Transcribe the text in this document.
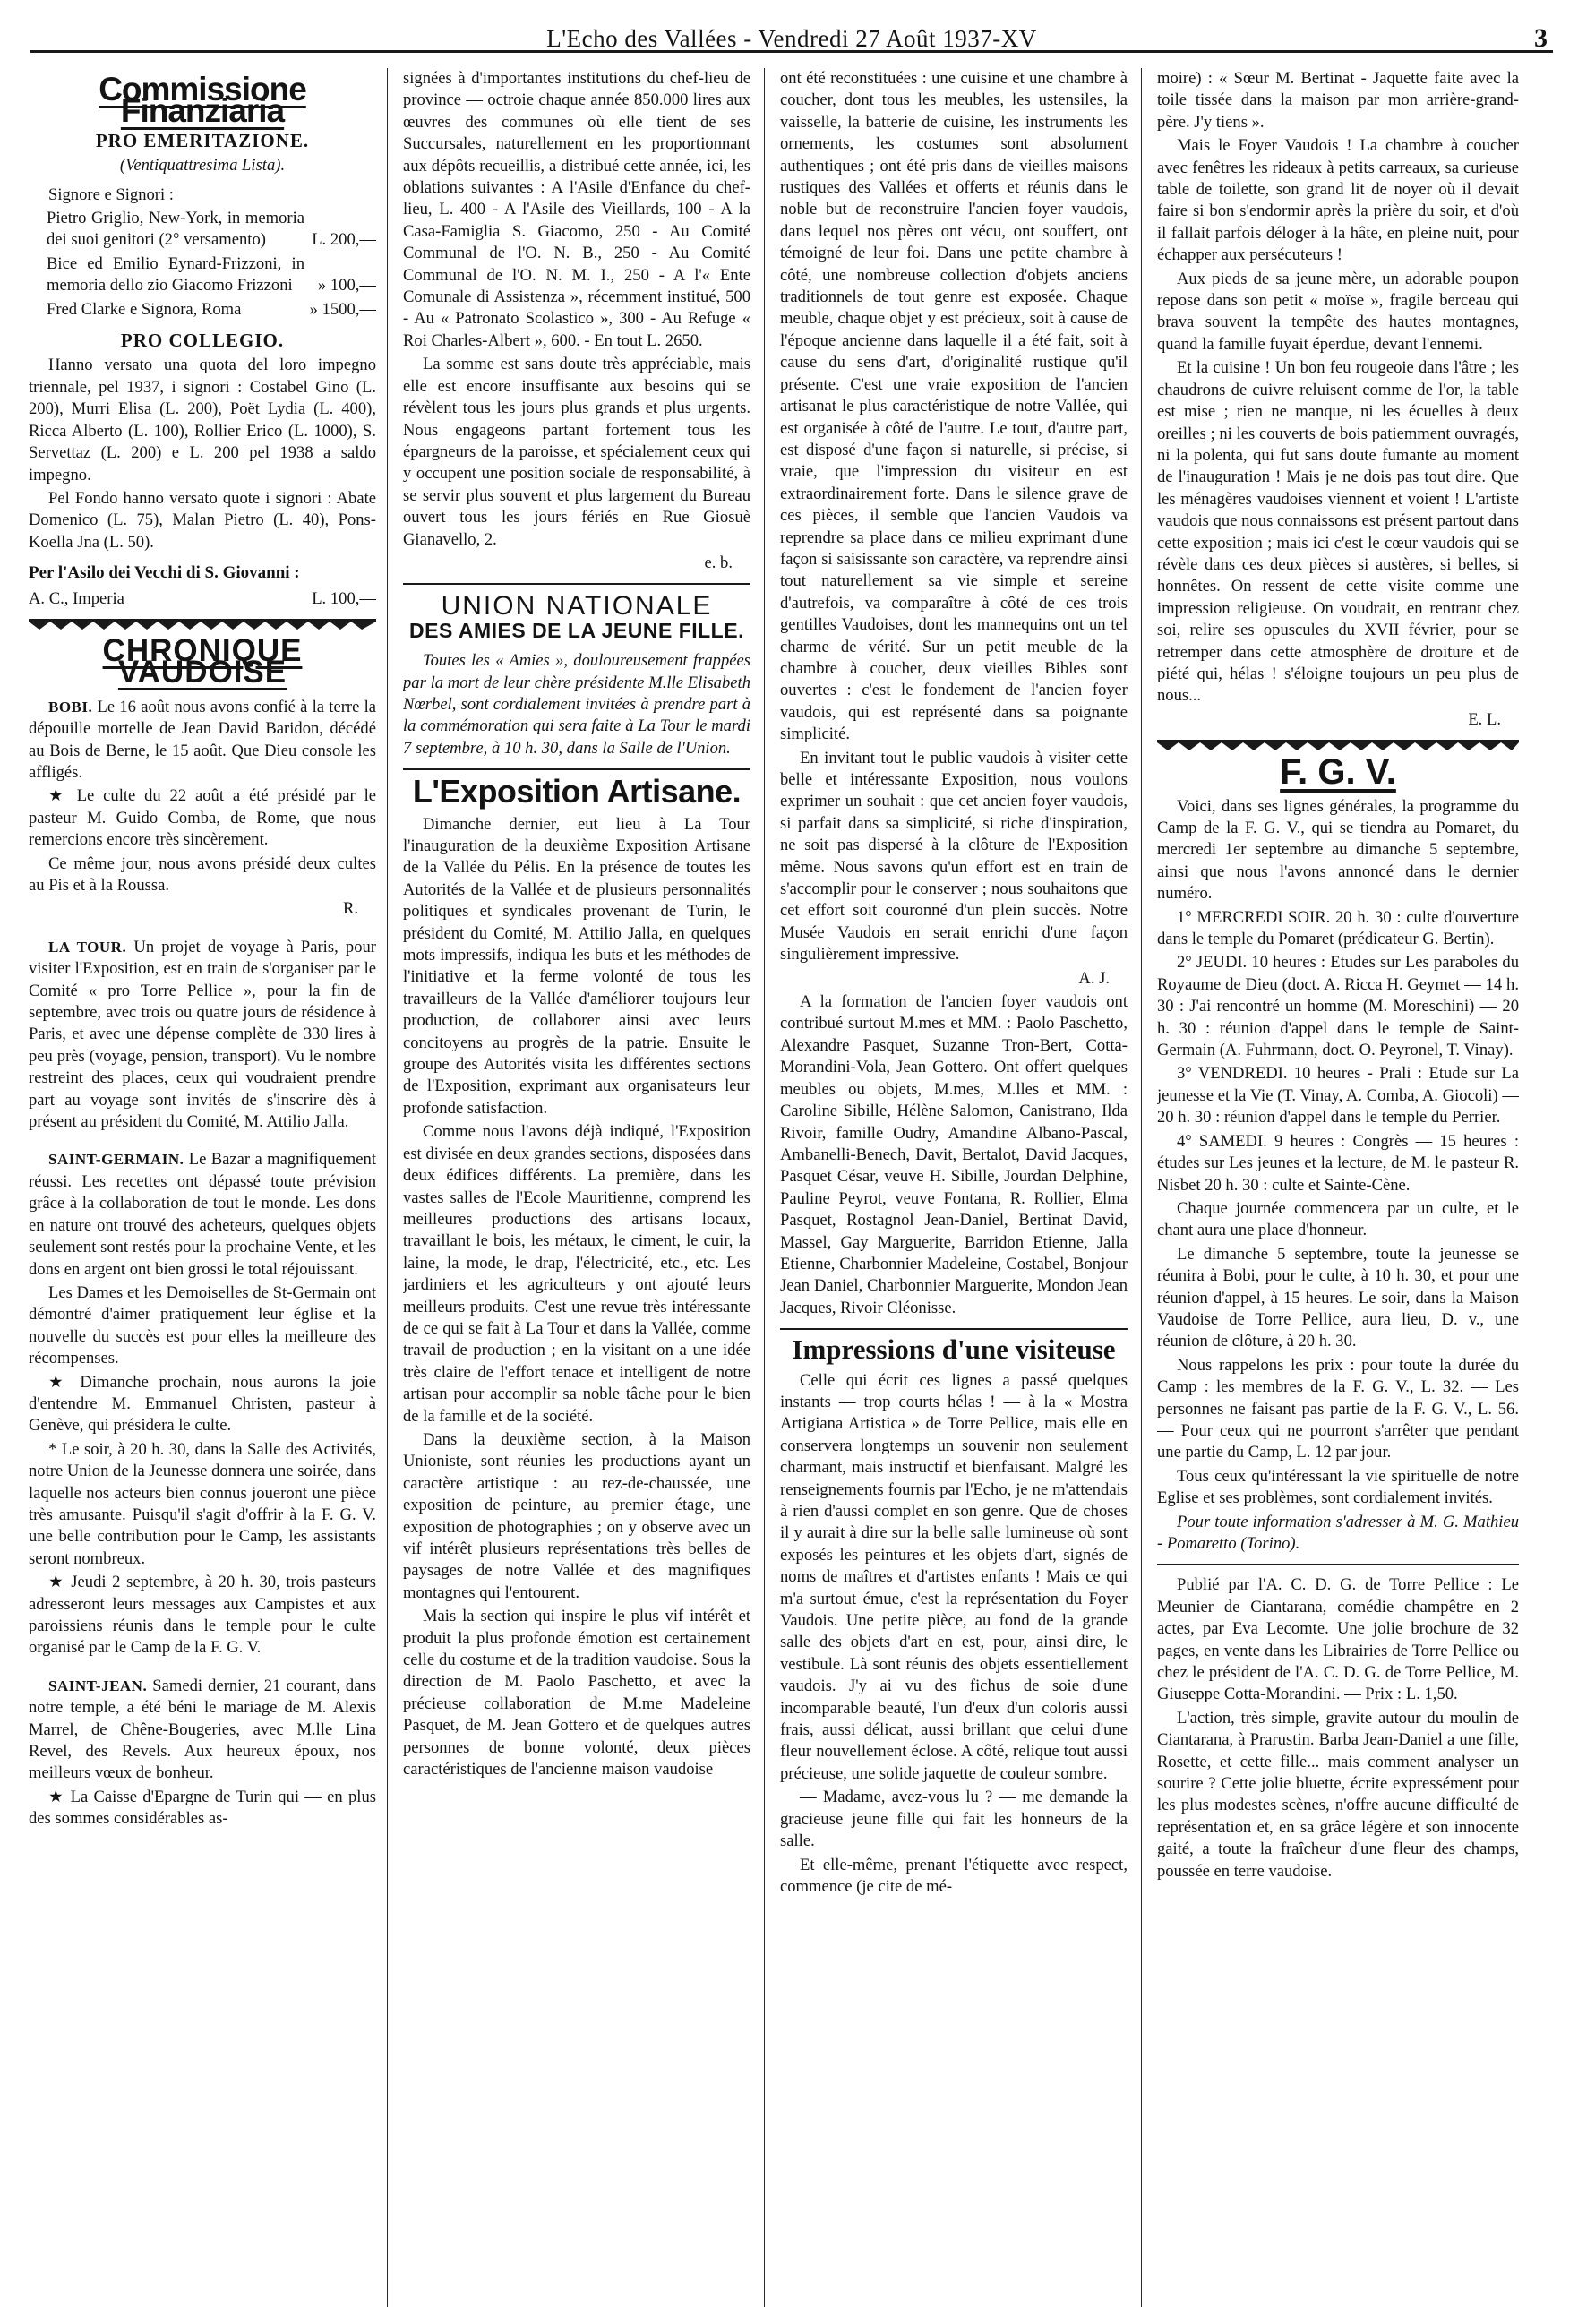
L'Echo des Vallées - Vendredi 27 Août 1937-XV	3
Commissione Finanziaria
PRO EMERITAZIONE.
(Ventiquattresima Lista).

Signore e Signori :

Pietro Griglio, New-York, in memoria dei suoi genitori (2° versamento)	L. 200,—

Bice ed Emilio Eynard-Frizzoni, in memoria dello zio Giacomo Frizzoni » 100,—

Fred Clarke e Signora, Roma	» 1500,—

PRO COLLEGIO.

Hanno versato una quota del loro impegno triennale, pel 1937, i signori : Costabel Gino (L. 200), Murri Elisa (L. 200), Poët Lydia (L. 400), Ricca Alberto (L. 100), Rollier Erico (L. 1000), S. Servettaz (L. 200) e L. 200 pel 1938 a saldo impegno.

Pel Fondo hanno versato quote i signori : Abate Domenico (L. 75), Malan Pietro (L. 40), Pons-Koella Jna (L. 50).

Per l'Asilo dei Vecchi di S. Giovanni :

A. C., Imperia	L. 100,—

CHRONIQUE VAUDOISE

BOBI. Le 16 août nous avons confié à la terre la dépouille mortelle de Jean David Baridon, décédé au Bois de Berne, le 15 août. Que Dieu console les affligés.

★ Le culte du 22 août a été présidé par le pasteur M. Guido Comba, de Rome, que nous remercions encore très sincèrement.

Ce même jour, nous avons présidé deux cultes au Pis et à la Roussa.

R.

LA TOUR. Un projet de voyage à Paris, pour visiter l'Exposition, est en train de s'organiser par le Comité « pro Torre Pellice », pour la fin de septembre, avec trois ou quatre jours de résidence à Paris, et avec une dépense complète de 330 lires à peu près (voyage, pension, transport). Vu le nombre restreint des places, ceux qui voudraient prendre part au voyage sont invités de s'inscrire dès à présent au président du Comité, M. Attilio Jalla.

SAINT-GERMAIN. Le Bazar a magnifiquement réussi. Les recettes ont dépassé toute prévision grâce à la collaboration de tout le monde. Les dons en nature ont trouvé des acheteurs, quelques objets seulement sont restés pour la prochaine Vente, et les dons en argent ont bien grossi le total réjouissant.

Les Dames et les Demoiselles de St-Germain ont démontré d'aimer pratiquement leur église et la nouvelle du succès est pour elles la meilleure des récompenses.

★ Dimanche prochain, nous aurons la joie d'entendre M. Emmanuel Christen, pasteur à Genève, qui présidera le culte.

* Le soir, à 20 h. 30, dans la Salle des Activités, notre Union de la Jeunesse donnera une soirée, dans laquelle nos acteurs bien connus joueront une pièce très amusante. Puisqu'il s'agit d'offrir à la F. G. V. une belle contribution pour le Camp, les assistants seront nombreux.

★ Jeudi 2 septembre, à 20 h. 30, trois pasteurs adresseront leurs messages aux Campistes et aux paroissiens réunis dans le temple pour le culte organisé par le Camp de la F. G. V.

SAINT-JEAN. Samedi dernier, 21 courant, dans notre temple, a été béni le mariage de M. Alexis Marrel, de Chêne-Bougeries, avec M.lle Lina Revel, des Revels. Aux heureux époux, nos meilleurs vœux de bonheur.

★ La Caisse d'Epargne de Turin qui — en plus des sommes considérables as-

signées à d'importantes institutions du chef-lieu de province — octroie chaque année 850.000 lires aux œuvres des communes où elle tient de ses Succursales, naturellement en les proportionnant aux dépôts recueillis, a distribué cette année, ici, les oblations suivantes : A l'Asile d'Enfance du chef-lieu, L. 400 - A l'Asile des Vieillards, 100 - A la Casa-Famiglia S. Giacomo, 250 - Au Comité Communal de l'O. N. B., 250 - Au Comité Communal de l'O. N. M. I., 250 - A l'« Ente Comunale di Assistenza », récemment institué, 500 - Au « Patronato Scolastico », 300 - Au Refuge « Roi Charles-Albert », 600. - En tout L. 2650.

La somme est sans doute très appréciable, mais elle est encore insuffisante aux besoins qui se révèlent tous les jours plus grands et plus urgents. Nous engageons partant fortement tous les épargneurs de la paroisse, et spécialement ceux qui y occupent une position sociale de responsabilité, à se servir plus souvent et plus largement du Bureau ouvert tous les jours fériés en Rue Giosuè Gianavello, 2.

e. b.

UNION NATIONALE
DES AMIES DE LA JEUNE FILLE.

Toutes les « Amies », douloureusement frappées par la mort de leur chère présidente M.lle Elisabeth Nœrbel, sont cordialement invitées à prendre part à la commémoration qui sera faite à La Tour le mardi 7 septembre, à 10 h. 30, dans la Salle de l'Union.

L'Exposition Artisane.

Dimanche dernier, eut lieu à La Tour l'inauguration de la deuxième Exposition Artisane de la Vallée du Pélis. En la présence de toutes les Autorités de la Vallée et de plusieurs personnalités politiques et syndicales provenant de Turin, le président du Comité, M. Attilio Jalla, en quelques mots impressifs, indiqua les buts et les méthodes de l'initiative et la ferme volonté de tous les travailleurs de la Vallée d'améliorer toujours leur production, de collaborer ainsi avec leurs concitoyens au progrès de la patrie. Ensuite le groupe des Autorités visita les différentes sections de l'Exposition, exprimant aux organisateurs leur profonde satisfaction.

Comme nous l'avons déjà indiqué, l'Exposition est divisée en deux grandes sections, disposées dans deux édifices différents. La première, dans les vastes salles de l'Ecole Mauritienne, comprend les meilleures productions des artisans locaux, travaillant le bois, les métaux, le ciment, le cuir, la laine, la mode, le drap, l'électricité, etc., etc. Les jardiniers et les agriculteurs y ont ajouté leurs meilleurs produits. C'est une revue très intéressante de ce qui se fait à La Tour et dans la Vallée, comme travail de production ; en la visitant on a une idée très claire de l'effort tenace et intelligent de notre artisan pour accomplir sa noble tâche pour le bien de la famille et de la société.

Dans la deuxième section, à la Maison Unioniste, sont réunies les productions ayant un caractère artistique : au rez-de-chaussée, une exposition de peinture, au premier étage, une exposition de photographies ; on y observe avec un vif intérêt plusieurs représentations très belles de paysages de notre Vallée et des magnifiques montagnes qui l'entourent.

Mais la section qui inspire le plus vif intérêt et produit la plus profonde émotion est certainement celle du costume et de la tradition vaudoise. Sous la direction de M. Paolo Paschetto, et avec la précieuse collaboration de M.me Madeleine Pasquet, de M. Jean Gottero et de quelques autres personnes de bonne volonté, deux pièces caractéristiques de l'ancienne maison vaudoise

ont été reconstituées : une cuisine et une chambre à coucher, dont tous les meubles, les ustensiles, la vaisselle, la batterie de cuisine, les instruments les ornements, les costumes sont absolument authentiques ; ont été pris dans de vieilles maisons rustiques des Vallées et offerts et réunis dans le noble but de reconstruire l'ancien foyer vaudois, dans lequel nos pères ont vécu, ont souffert, ont témoigné de leur foi. Dans une petite chambre à côté, une nombreuse collection d'objets anciens traditionnels de tout genre est exposée. Chaque meuble, chaque objet y est précieux, soit à cause de l'époque ancienne dans laquelle il a été fait, soit à cause du sens d'art, d'originalité rustique qu'il présente. C'est une vraie exposition de l'ancien artisanat le plus caractéristique de notre Vallée, qui est organisée à côté de l'autre. Le tout, d'autre part, est disposé d'une façon si naturelle, si précise, si vraie, que l'impression du visiteur en est extraordinairement forte. Dans le silence grave de ces pièces, il semble que l'ancien Vaudois va reprendre sa place dans ce milieu exprimant d'une façon si saisissante son caractère, va reprendre ainsi tout naturellement sa vie simple et sereine d'autrefois, va comparaître à côté de ces trois gentilles Vaudoises, dont les mannequins ont un tel charme de vérité. Sur un petit meuble de la chambre à coucher, deux vieilles Bibles sont ouvertes : c'est le fondement de l'ancien foyer vaudois, qui est représenté dans sa poignante simplicité.

En invitant tout le public vaudois à visiter cette belle et intéressante Exposition, nous voulons exprimer un souhait : que cet ancien foyer vaudois, si parfait dans sa simplicité, si riche d'inspiration, ne soit pas dispersé à la clôture de l'Exposition même. Nous savons qu'un effort est en train de s'accomplir pour le conserver ; nous souhaitons que cet effort soit couronné d'un plein succès. Notre Musée Vaudois en serait enrichi d'une façon singulièrement impressive.

A. J.

A la formation de l'ancien foyer vaudois ont contribué surtout M.mes et MM. : Paolo Paschetto, Alexandre Pasquet, Suzanne Tron-Bert, Cotta-Morandini-Vola, Jean Gottero. Ont offert quelques meubles ou objets, M.mes, M.lles et MM. : Caroline Sibille, Hélène Salomon, Canistrano, Ilda Rivoir, famille Oudry, Amandine Albano-Pascal, Ambanelli-Benech, Davit, Bertalot, David Jacques, Pasquet César, veuve H. Sibille, Jourdan Delphine, Pauline Peyrot, veuve Fontana, R. Rollier, Elma Pasquet, Rostagnol Jean-Daniel, Bertinat David, Massel, Gay Marguerite, Barridon Etienne, Jalla Etienne, Charbonnier Madeleine, Costabel, Bonjour Jean Daniel, Charbonnier Marguerite, Mondon Jean Jacques, Rivoir Cléonisse.

Impressions d'une visiteuse

Celle qui écrit ces lignes a passé quelques instants — trop courts hélas ! — à la « Mostra Artigiana Artistica » de Torre Pellice, mais elle en conservera longtemps un souvenir non seulement charmant, mais instructif et bienfaisant. Malgré les renseignements fournis par l'Echo, je ne m'attendais à rien d'aussi complet en son genre. Que de choses il y aurait à dire sur la belle salle lumineuse où sont exposés les peintures et les objets d'art, signés de noms de maîtres et d'artistes enfants ! Mais ce qui m'a surtout émue, c'est la représentation du Foyer Vaudois. Une petite pièce, au fond de la grande salle des objets d'art en est, pour, ainsi dire, le vestibule. Là sont réunis des objets essentiellement vaudois. J'y ai vu des fichus de soie d'une incomparable beauté, l'un d'eux d'un coloris aussi frais, aussi délicat, aussi brillant que celui d'une fleur nouvellement éclose. A côté, relique tout aussi précieuse, une solide jaquette de couleur sombre.

— Madame, avez-vous lu ? — me demande la gracieuse jeune fille qui fait les honneurs de la salle.

Et elle-même, prenant l'étiquette avec respect, commence (je cite de mé-

moire) : « Sœur M. Bertinat - Jaquette faite avec la toile tissée dans la maison par mon arrière-grand-père. J'y tiens ».

Mais le Foyer Vaudois ! La chambre à coucher avec fenêtres les rideaux à petits carreaux, sa curieuse table de toilette, son grand lit de noyer où il devait faire si bon s'endormir après la prière du soir, et d'où il fallait parfois déloger à la hâte, en pleine nuit, pour échapper aux persécuteurs !

Aux pieds de sa jeune mère, un adorable poupon repose dans son petit « moïse », fragile berceau qui brava souvent la tempête des hautes montagnes, quand la famille fuyait éperdue, devant l'ennemi.

Et la cuisine ! Un bon feu rougeoie dans l'âtre ; les chaudrons de cuivre reluisent comme de l'or, la table est mise ; rien ne manque, ni les écuelles à deux oreilles ; ni les couverts de bois patiemment ouvragés, ni la polenta, qui fut sans doute fumante au moment de l'inauguration ! Mais je ne dois pas tout dire. Que les ménagères vaudoises viennent et voient ! L'artiste vaudois que nous connaissons est présent partout dans cette exposition ; mais ici c'est le cœur vaudois qui se révèle dans ces deux pièces si austères, si belles, si honnêtes. On ressent de cette visite comme une impression religieuse. On voudrait, en rentrant chez soi, relire ses opuscules du XVII février, pour se retremper dans cette atmosphère de droiture et de piété qui, hélas ! s'éloigne toujours un peu plus de nous...

E. L.

F. G. V.

Voici, dans ses lignes générales, la programme du Camp de la F. G. V., qui se tiendra au Pomaret, du mercredi 1er septembre au dimanche 5 septembre, ainsi que nous l'avons annoncé dans le dernier numéro.

1° MERCREDI SOIR. 20 h. 30 : culte d'ouverture dans le temple du Pomaret (prédicateur G. Bertin).

2° JEUDI. 10 heures : Etudes sur Les paraboles du Royaume de Dieu (doct. A. Ricca H. Geymet — 14 h. 30 : J'ai rencontré un homme (M. Moreschini) — 20 h. 30 : réunion d'appel dans le temple de Saint-Germain (A. Fuhrmann, doct. O. Peyronel, T. Vinay).

3° VENDREDI. 10 heures - Prali : Etude sur La jeunesse et la Vie (T. Vinay, A. Comba, A. Giocoli) — 20 h. 30 : réunion d'appel dans le temple du Perrier.

4° SAMEDI. 9 heures : Congrès — 15 heures : études sur Les jeunes et la lecture, de M. le pasteur R. Nisbet 20 h. 30 : culte et Sainte-Cène.

Chaque journée commencera par un culte, et le chant aura une place d'honneur.

Le dimanche 5 septembre, toute la jeunesse se réunira à Bobi, pour le culte, à 10 h. 30, et pour une réunion d'appel, à 15 heures. Le soir, dans la Maison Vaudoise de Torre Pellice, aura lieu, D. v., une réunion de clôture, à 20 h. 30.

Nous rappelons les prix : pour toute la durée du Camp : les membres de la F. G. V., L. 32. — Les personnes ne faisant pas partie de la F. G. V., L. 56. — Pour ceux qui ne pourront s'arrêter que pendant une partie du Camp, L. 12 par jour.

Tous ceux qu'intéressant la vie spirituelle de notre Eglise et ses problèmes, sont cordialement invités.

Pour toute information s'adresser à M. G. Mathieu - Pomaretto (Torino).

Publié par l'A. C. D. G. de Torre Pellice : Le Meunier de Ciantarana, comédie champêtre en 2 actes, par Eva Lecomte. Une jolie brochure de 32 pages, en vente dans les Librairies de Torre Pellice ou chez le président de l'A. C. D. G. de Torre Pellice, M. Giuseppe Cotta-Morandini. — Prix : L. 1,50.

L'action, très simple, gravite autour du moulin de Ciantarana, à Prarustin. Barba Jean-Daniel a une fille, Rosette, et cette fille... mais comment analyser un sourire ? Cette jolie bluette, écrite expressément pour les plus modestes scènes, n'offre aucune difficulté de représentation et, en sa grâce légère et son innocente gaité, a toute la fraîcheur d'une fleur des champs, poussée en terre vaudoise.
